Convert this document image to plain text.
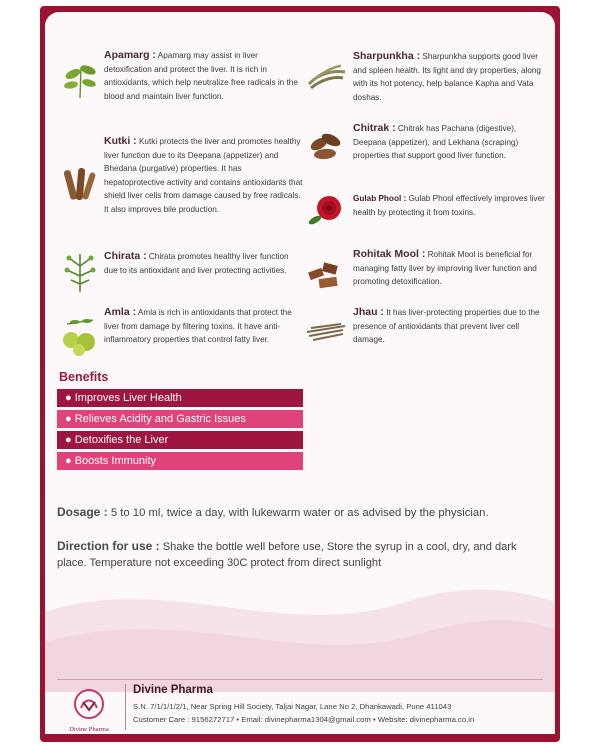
Apamarg : Apamarg may assist in liver detoxification and protect the liver. It is rich in antioxidants, which help neutralize free radicals in the blood and maintain liver function.

Kutki : Kutki protects the liver and promotes healthy liver function due to its Deepana (appetizer) and Bhedana (purgative) properties. It has hepatoprotective activity and contains antioxidants that shield liver cells from damage caused by free radicals. It also improves bile production.

Chirata : Chirata promotes healthy liver function due to its antioxidant and liver protecting activities.

Amla : Amla is rich in antioxidants that protect the liver from damage by filtering toxins. It have anti-inflammatory properties that control fatty liver.

Sharpunkha : Sharpunkha supports good liver and spleen health. Its light and dry properties, along with its hot potency, help balance Kapha and Vata doshas.

Chitrak : Chitrak has Pachana (digestive), Deepana (appetizer), and Lekhana (scraping) properties that support good liver function.

Gulab Phool : Gulab Phool effectively improves liver health by protecting it from toxins.

Rohitak Mool : Rohitak Mool is beneficial for managing fatty liver by improving liver function and promoting detoxification.

Jhau : It has liver-protecting properties due to the presence of antioxidants that prevent liver cell damage.

Benefits
● Improves Liver Health
● Relieves Acidity and Gastric Issues
● Detoxifies the Liver
● Boosts Immunity

Dosage : 5 to 10 ml, twice a day, with lukewarm water or as advised by the physician.

Direction for use : Shake the bottle well before use, Store the syrup in a cool, dry, and dark place. Temperature not exceeding 30C protect from direct sunlight

Divine Pharma
Divine Pharma
S.N. 7/1/1/1/2/1, Near Spring Hill Society, Taljai Nagar, Lane No 2, Dhankawadi, Pune 411043
Customer Care : 9156272717 • Email: divinepharma1304@gmail.com • Website: divinepharma.co.in
